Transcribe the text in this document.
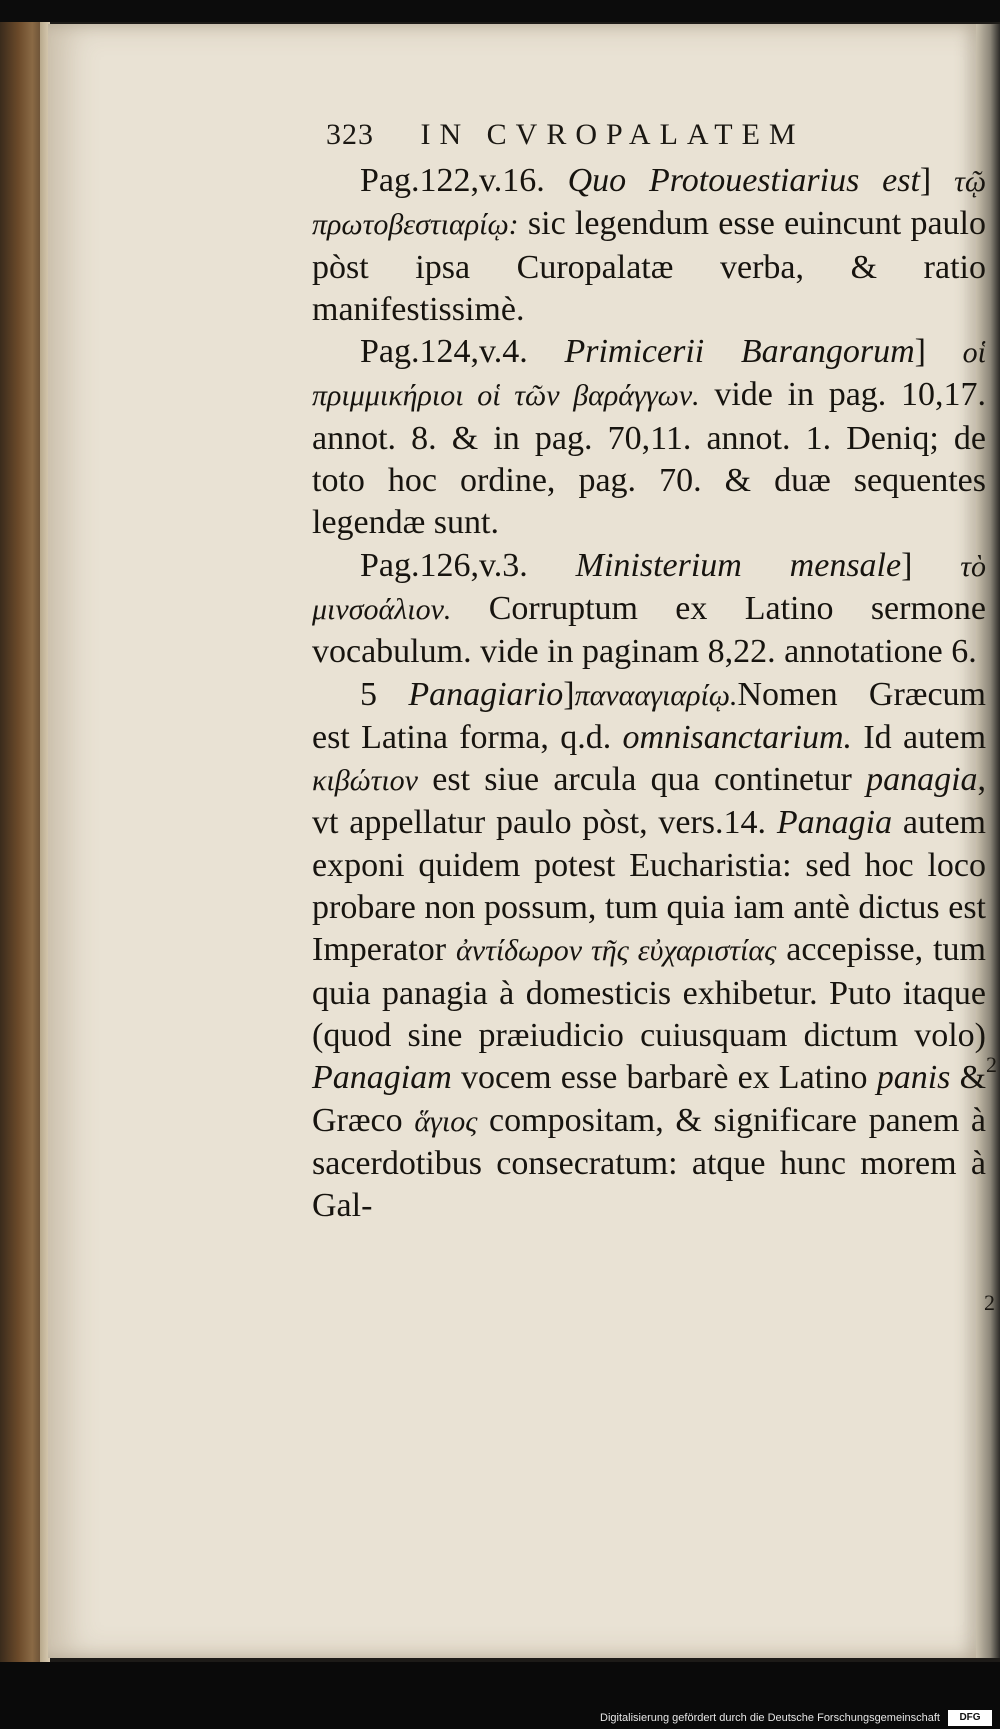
323 IN CVROPALATEM

Pag.122,v.16. Quo Protouestiarius est] τῷ πρωτοβεστιαρίῳ: sic legendum esse euincunt paulo pòst ipsa Curopalatæ verba, & ratio manifestissimè.

Pag.124,v.4. Primicerii Barangorum] οἱ πριμμικήριοι οἱ τῶν βαράγγων. vide in pag. 10,17. annot. 8. & in pag. 70,11. annot. 1. Deniq; de toto hoc ordine, pag. 70. & duæ sequentes legendæ sunt.

Pag.126,v.3. Ministerium mensale] τὸ μινσοάλιον. Corruptum ex Latino sermone vocabulum. vide in paginam 8,22. annotatione 6.

5 Panagiario]πανααγιαρίῳ.Nomen Græcum est Latina forma, q.d. omnisanctarium. Id autem κιβώτιον est siue arcula qua continetur panagia, vt appellatur paulo pòst, vers.14. Panagia autem exponi quidem potest Eucharistia: sed hoc loco probare non possum, tum quia iam antè dictus est Imperator ἀντίδωρον τῆς εὐχαριστίας accepisse, tum quia panagia à domesticis exhibetur. Puto itaque (quod sine præiudicio cuiusquam dictum volo) Panagiam vocem esse barbarè ex Latino panis & Græco ἅγιος compositam, & significare panem à sacerdotibus consecratum: atque hunc morem à Gal-

2
2
Digitalisierung gefördert durch die Deutsche Forschungsgemeinschaft	DFG
